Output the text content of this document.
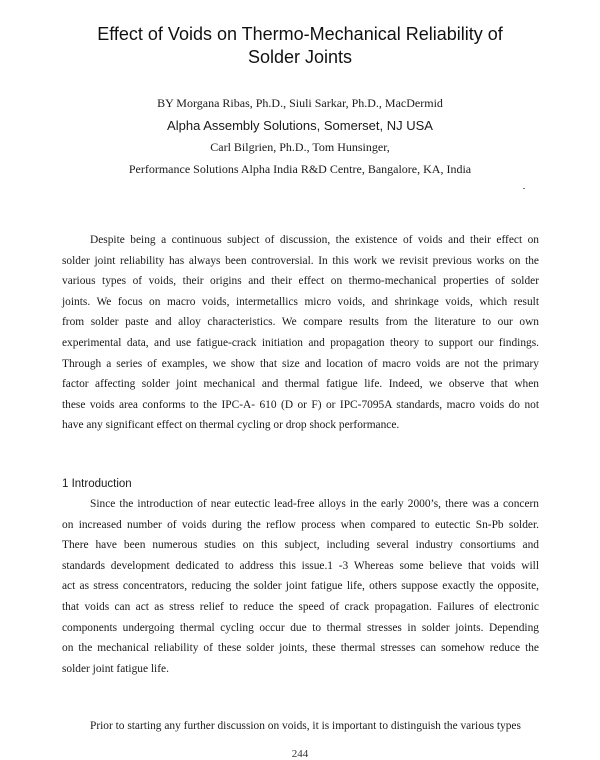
Effect of Voids on Thermo-Mechanical Reliability of
Solder Joints
BY Morgana Ribas, Ph.D., Siuli Sarkar, Ph.D., MacDermid
Alpha Assembly Solutions, Somerset, NJ USA
Carl Bilgrien, Ph.D., Tom Hunsinger,
Performance Solutions Alpha India R&D Centre, Bangalore, KA, India
Despite being a continuous subject of discussion, the existence of voids and their effect on
solder joint reliability has always been controversial. In this work we revisit previous works on the
various types of voids, their origins and their effect on thermo-mechanical properties of solder
joints. We focus on macro voids, intermetallics micro voids, and shrinkage voids, which result
from solder paste and alloy characteristics. We compare results from the literature to our own
experimental data, and use fatigue-crack initiation and propagation theory to support our findings.
Through a series of examples, we show that size and location of macro voids are not the primary
factor affecting solder joint mechanical and thermal fatigue life. Indeed, we observe that when
these voids area conforms to the IPC-A- 610 (D or F) or IPC-7095A standards, macro voids do not
have any significant effect on thermal cycling or drop shock performance.
1 Introduction
Since the introduction of near eutectic lead-free alloys in the early 2000’s, there was a concern
on increased number of voids during the reflow process when compared to eutectic Sn-Pb solder.
There have been numerous studies on this subject, including several industry consortiums and
standards development dedicated to address this issue.1 -3 Whereas some believe that voids will
act as stress concentrators, reducing the solder joint fatigue life, others suppose exactly the opposite,
that voids can act as stress relief to reduce the speed of crack propagation. Failures of electronic
components undergoing thermal cycling occur due to thermal stresses in solder joints. Depending
on the mechanical reliability of these solder joints, these thermal stresses can somehow reduce the
solder joint fatigue life.
Prior to starting any further discussion on voids, it is important to distinguish the various types
244
